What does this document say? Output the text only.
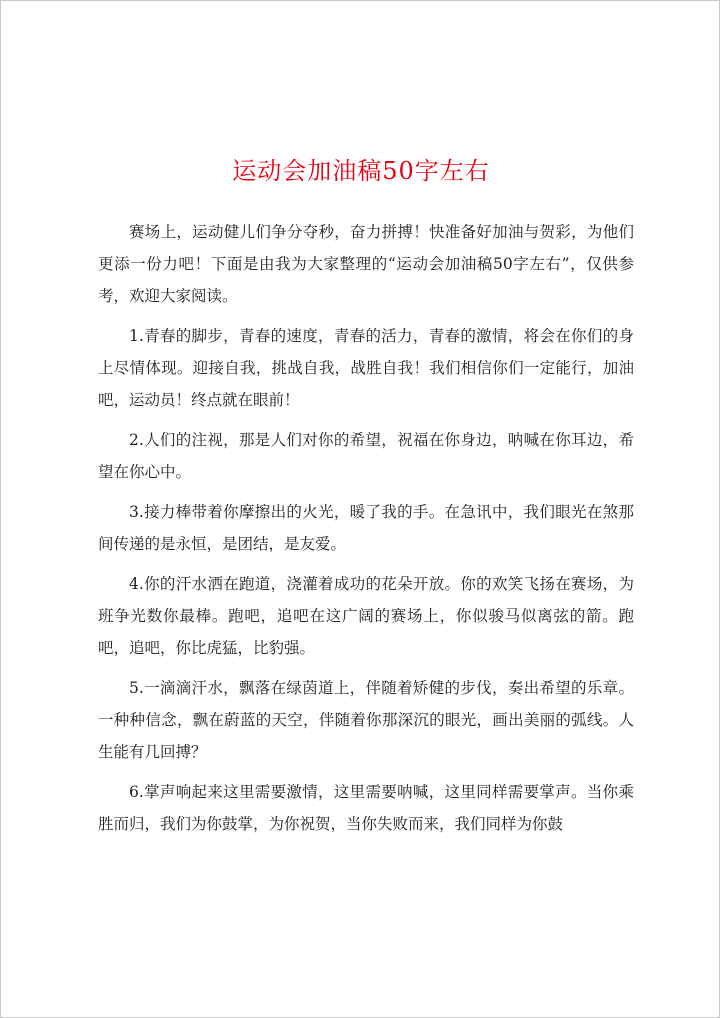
运动会加油稿50字左右

赛场上，运动健儿们争分夺秒，奋力拼搏！快准备好加油与贺彩，为他们更添一份力吧！下面是由我为大家整理的“运动会加油稿50字左右”，仅供参考，欢迎大家阅读。

1.青春的脚步，青春的速度，青春的活力，青春的激情，将会在你们的身上尽情体现。迎接自我，挑战自我，战胜自我！我们相信你们一定能行，加油吧，运动员！终点就在眼前！

2.人们的注视，那是人们对你的希望，祝福在你身边，呐喊在你耳边，希望在你心中。

3.接力棒带着你摩擦出的火光，暖了我的手。在急讯中，我们眼光在煞那间传递的是永恒，是团结，是友爱。

4.你的汗水洒在跑道，浇灌着成功的花朵开放。你的欢笑飞扬在赛场，为班争光数你最棒。跑吧，追吧在这广阔的赛场上，你似骏马似离弦的箭。跑吧，追吧，你比虎猛，比豹强。

5.一滴滴汗水，飘落在绿茵道上，伴随着矫健的步伐，奏出希望的乐章。一种种信念，飘在蔚蓝的天空，伴随着你那深沉的眼光，画出美丽的弧线。人生能有几回搏？

6.掌声响起来这里需要激情，这里需要呐喊，这里同样需要掌声。当你乘胜而归，我们为你鼓掌，为你祝贺，当你失败而来，我们同样为你鼓
